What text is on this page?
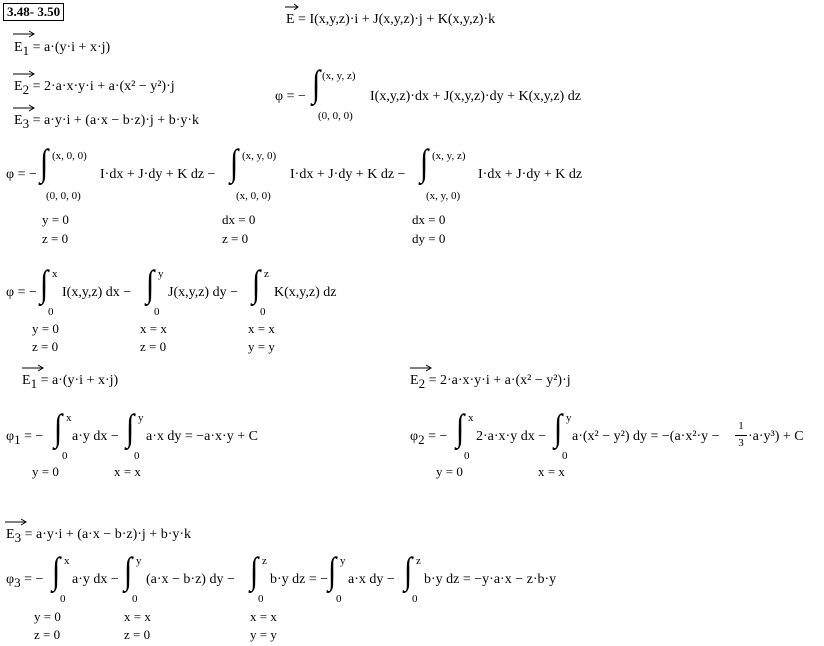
3.48- 3.50
E = I(x,y,z)·i + J(x,y,z)·j + K(x,y,z)·k
$E_1 = a\cdot(y\cdot i + x\cdot j)$
$E_2 = 2\cdot a\cdot x\cdot y\cdot i + a\cdot(x^2 - y^2)\cdot j$
$E_3 = a\cdot y\cdot i + (a\cdot x - b\cdot z)\cdot j + b\cdot y\cdot k$
φ = − ∫ (x, y, z)
(0, 0, 0)
I(x,y,z)·dx + J(x,y,z)·dy + K(x,y,z) dz
φ = − ∫ (x, 0, 0)
(0, 0, 0)
I·dx + J·dy + K dz − ∫ (x, y, 0)
(x, 0, 0)
I·dx + J·dy + K dz − ∫ (x, y, z)
(x, y, 0)
I·dx + J·dy + K dz
y = 0
z = 0
dx = 0
z = 0
dx = 0
dy = 0
φ = − ∫ x
0
I(x,y,z) dx − ∫ y
0
J(x,y,z) dy − ∫ z
0
K(x,y,z) dz
y = 0
z = 0
x = x
z = 0
x = x
y = y
$E_1 = a\cdot(y\cdot i + x\cdot j)$
$\varphi_1$ = − ∫ x
0
a·y dx − ∫ y
0
a·x dy = −a·x·y + C
y = 0	x = x
$E_2 = 2\cdot a\cdot x\cdot y\cdot i + a\cdot(x^2 - y^2)\cdot j$
$\varphi_2$ = − ∫ x
0
2·a·x·y dx − ∫ y
0
a·(x² − y²) dy = −(a·x²·y −
1
3 ·a·y³) + C
y = 0	x = x
$E_3 = a\cdot y\cdot i + (a\cdot x - b\cdot z)\cdot j + b\cdot y\cdot k$
$\varphi_3$ = − ∫ x
0
a·y dx − ∫ y
0
(a·x − b·z) dy − ∫ z
0
b·y dz = − ∫ y
0
a·x dy − ∫ z
0
b·y dz = −y·a·x − z·b·y
y = 0
z = 0
x = x
z = 0
x = x
y = y
